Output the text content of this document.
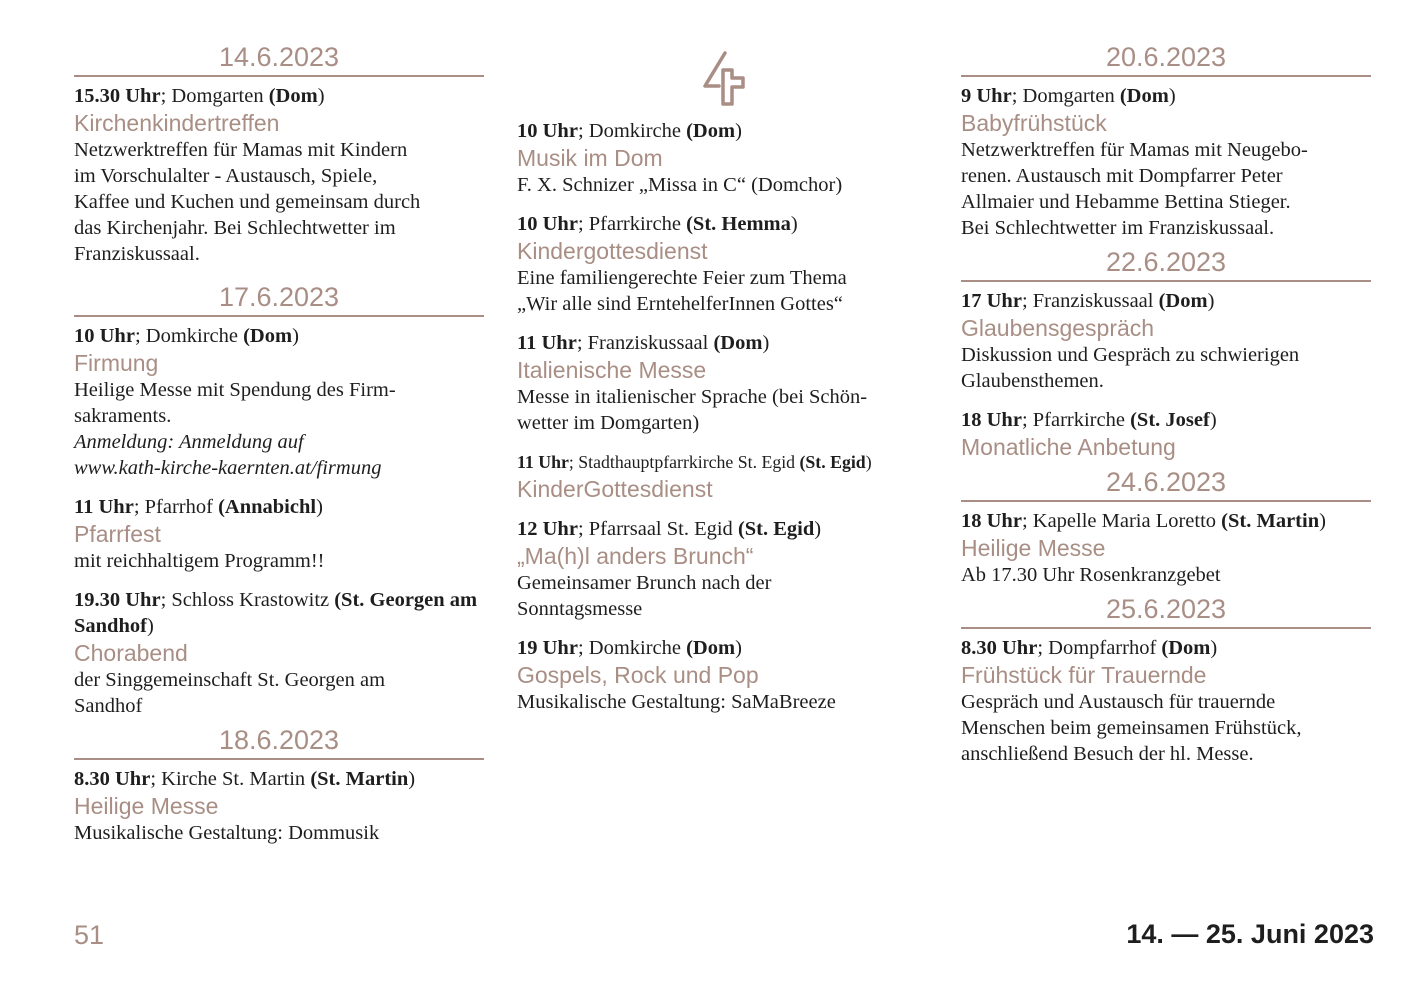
14.6.2023
15.30 Uhr; Domgarten (Dom)
Kirchenkindertreffen
Netzwerktreffen für Mamas mit Kindern
im Vorschulalter - Austausch, Spiele,
Kaffee und Kuchen und gemeinsam durch
das Kirchenjahr. Bei Schlechtwetter im
Franziskussaal.
17.6.2023
10 Uhr; Domkirche (Dom)
Firmung
Heilige Messe mit Spendung des Firm-
sakraments.
Anmeldung: Anmeldung auf
www.kath-kirche-kaernten.at/firmung
11 Uhr; Pfarrhof (Annabichl)
Pfarrfest
mit reichhaltigem Programm!!
19.30 Uhr; Schloss Krastowitz (St. Georgen am Sandhof)
Chorabend
der Singgemeinschaft St. Georgen am
Sandhof
18.6.2023
8.30 Uhr; Kirche St. Martin (St. Martin)
Heilige Messe
Musikalische Gestaltung: Dommusik
10 Uhr; Domkirche (Dom)
Musik im Dom
F. X. Schnizer „Missa in C“ (Domchor)
10 Uhr; Pfarrkirche (St. Hemma)
Kindergottesdienst
Eine familiengerechte Feier zum Thema
„Wir alle sind ErntehelferInnen Gottes“
11 Uhr; Franziskussaal (Dom)
Italienische Messe
Messe in italienischer Sprache (bei Schön-
wetter im Domgarten)
11 Uhr; Stadthauptpfarrkirche St. Egid (St. Egid)
KinderGottesdienst
12 Uhr; Pfarrsaal St. Egid (St. Egid)
„Ma(h)l anders Brunch“
Gemeinsamer Brunch nach der
Sonntagsmesse
19 Uhr; Domkirche (Dom)
Gospels, Rock und Pop
Musikalische Gestaltung: SaMaBreeze
20.6.2023
9 Uhr; Domgarten (Dom)
Babyfrühstück
Netzwerktreffen für Mamas mit Neugebo-
renen. Austausch mit Dompfarrer Peter
Allmaier und Hebamme Bettina Stieger.
Bei Schlechtwetter im Franziskussaal.
22.6.2023
17 Uhr; Franziskussaal (Dom)
Glaubensgespräch
Diskussion und Gespräch zu schwierigen
Glaubensthemen.
18 Uhr; Pfarrkirche (St. Josef)
Monatliche Anbetung
24.6.2023
18 Uhr; Kapelle Maria Loretto (St. Martin)
Heilige Messe
Ab 17.30 Uhr Rosenkranzgebet
25.6.2023
8.30 Uhr; Dompfarrhof (Dom)
Frühstück für Trauernde
Gespräch und Austausch für trauernde
Menschen beim gemeinsamen Frühstück,
anschließend Besuch der hl. Messe.
51	14. — 25. Juni 2023
